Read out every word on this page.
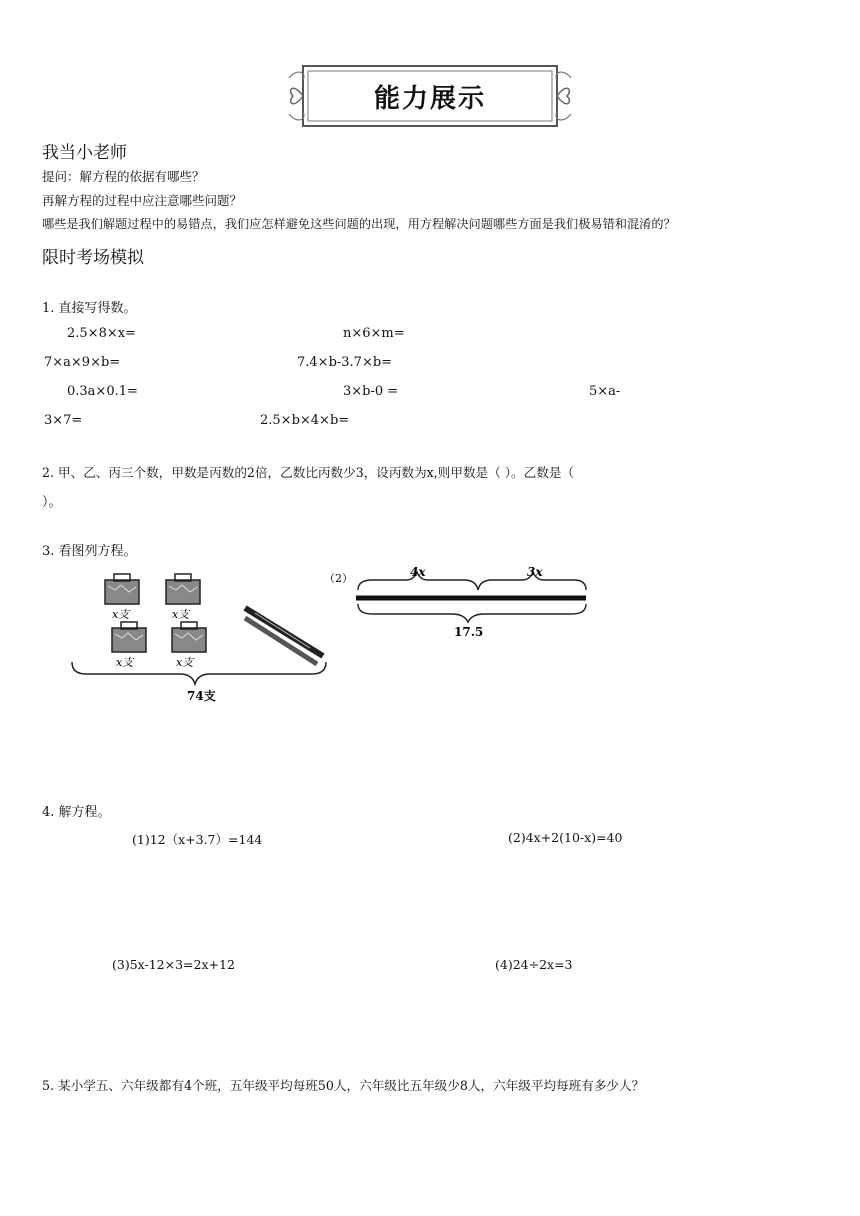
能力展示
我当小老师
提问：解方程的依据有哪些？
再解方程的过程中应注意哪些问题？
哪些是我们解题过程中的易错点，我们应怎样避免这些问题的出现，用方程解决问题哪些方面是我们极易错和混淆的？
限时考场模拟
1. 直接写得数。
2.5×8×x=	n×6×m=
7×a×9×b=	7.4×b-3.7×b=
0.3a×0.1=	3×b-0 =	5×a-
3×7=	2.5×b×4×b=
2. 甲、乙、丙三个数，甲数是丙数的2倍，乙数比丙数少3，设丙数为x,则甲数是（ ）。乙数是（
）。
3. 看图列方程。
x支	x支
x支	x支
74支
（2）	4x	3x
17.5
4. 解方程。
(1)12（x+3.7）=144	(2)4x+2(10-x)=40
(3)5x-12×3=2x+12	(4)24÷2x=3
5. 某小学五、六年级都有4个班，五年级平均每班50人，六年级比五年级少8人，六年级平均每班有多少人？
